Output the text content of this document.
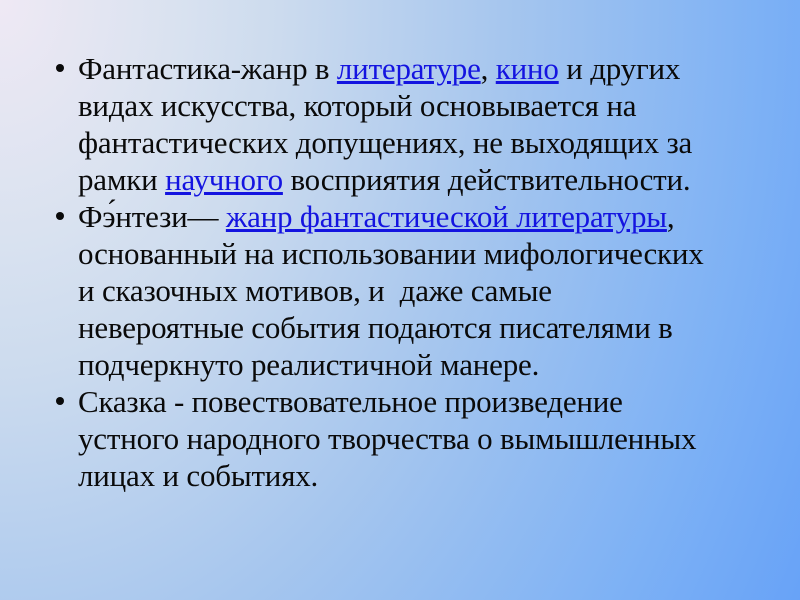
Фантастика-жанр в литературе, кино и других
видах искусства, который основывается на
фантастических допущениях, не выходящих за
рамки научного восприятия действительности.
Фэ́нтези— жанр фантастической литературы,
основанный на использовании мифологических
и сказочных мотивов, и  даже самые
невероятные события подаются писателями в
подчеркнуто реалистичной манере.
Сказка - повествовательное произведение
устного народного творчества о вымышленных
лицах и событиях.
